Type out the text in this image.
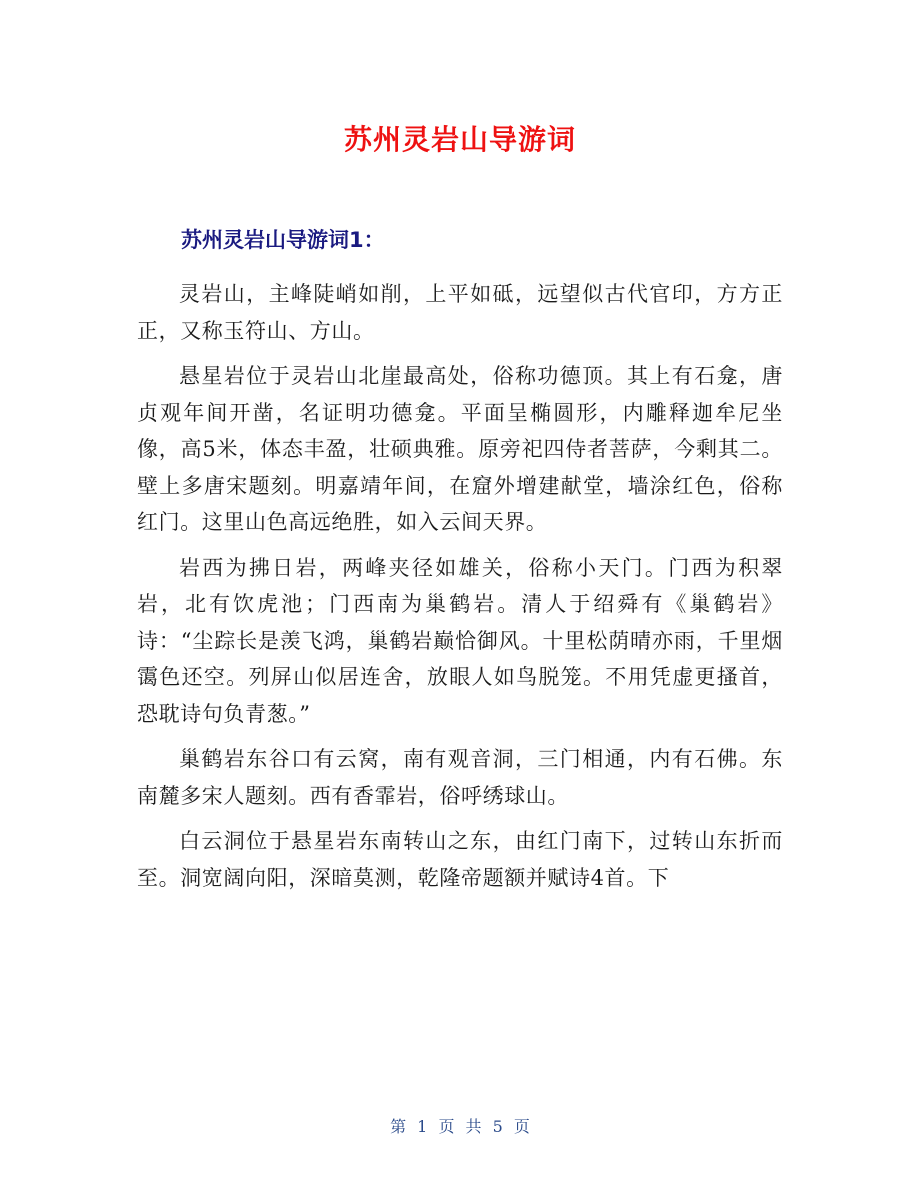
苏州灵岩山导游词
苏州灵岩山导游词1：

灵岩山，主峰陡峭如削，上平如砥，远望似古代官印，方方正正，又称玉符山、方山。

悬星岩位于灵岩山北崖最高处，俗称功德顶。其上有石龛，唐贞观年间开凿，名证明功德龛。平面呈椭圆形，内雕释迦牟尼坐像，高5米，体态丰盈，壮硕典雅。原旁祀四侍者菩萨，今剩其二。壁上多唐宋题刻。明嘉靖年间，在窟外增建献堂，墙涂红色，俗称红门。这里山色高远绝胜，如入云间天界。

岩西为拂日岩，两峰夹径如雄关，俗称小天门。门西为积翠岩，北有饮虎池；门西南为巢鹤岩。清人于绍舜有《巢鹤岩》诗：“尘踪长是羡飞鸿，巢鹤岩巅恰御风。十里松荫晴亦雨，千里烟霭色还空。列屏山似居连舍，放眼人如鸟脱笼。不用凭虚更搔首，恐耽诗句负青葱。”

巢鹤岩东谷口有云窝，南有观音洞，三门相通，内有石佛。东南麓多宋人题刻。西有香霏岩，俗呼绣球山。

白云洞位于悬星岩东南转山之东，由红门南下，过转山东折而至。洞宽阔向阳，深暗莫测，乾隆帝题额并赋诗4首。下

第 1 页 共 5 页
